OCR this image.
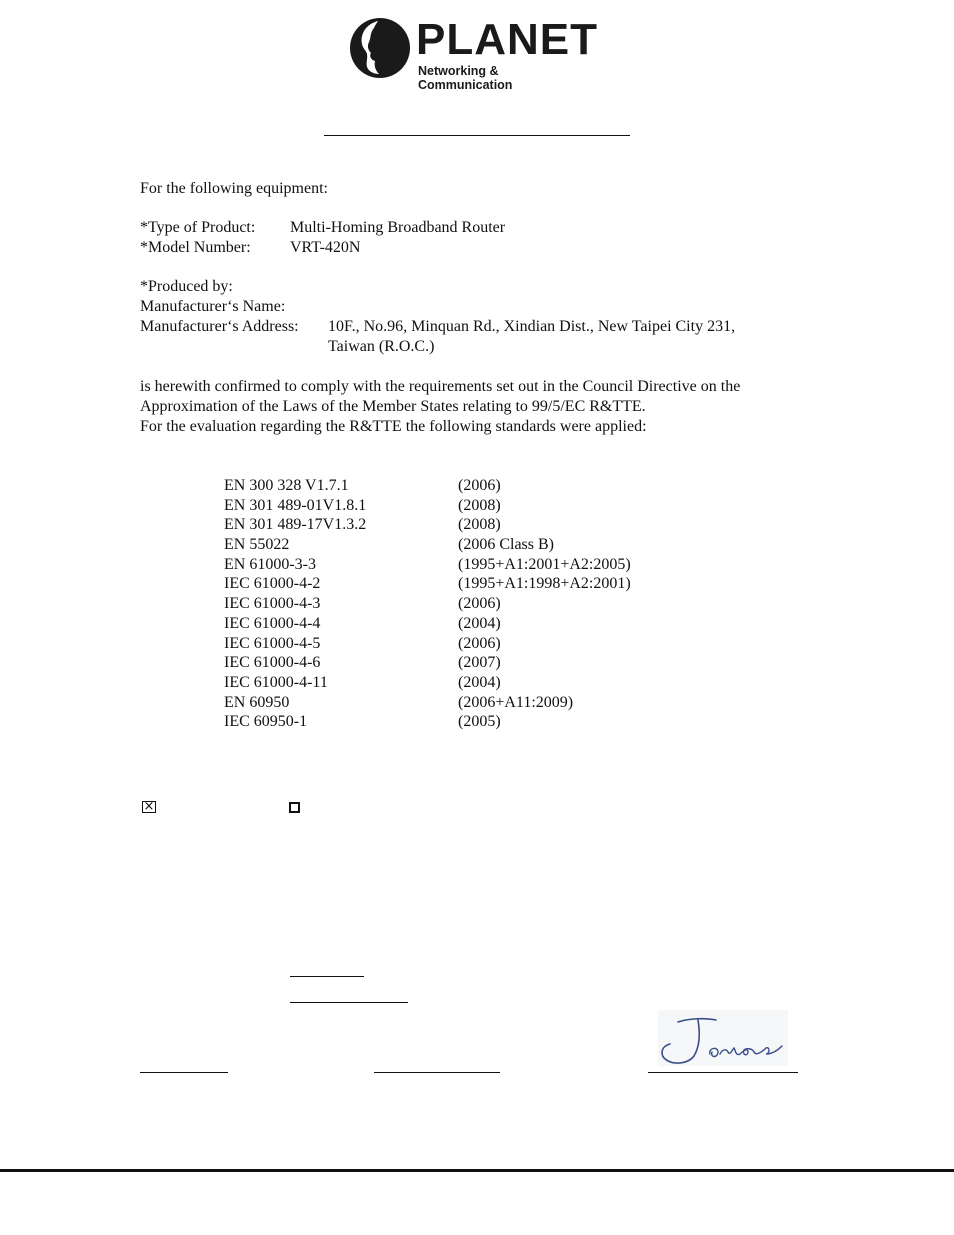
PLANET
Networking & Communication
For the following equipment:
*Type of Product: Multi-Homing Broadband Router
*Model Number: VRT-420N
*Produced by:
Manufacturer‘s Name:
Manufacturer‘s Address: 10F., No.96, Minquan Rd., Xindian Dist., New Taipei City 231,
Taiwan (R.O.C.)
is herewith confirmed to comply with the requirements set out in the Council Directive on the
Approximation of the Laws of the Member States relating to 99/5/EC R&TTE.
For the evaluation regarding the R&TTE the following standards were applied:
EN 300 328 V1.7.1	(2006)
EN 301 489-01V1.8.1	(2008)
EN 301 489-17V1.3.2	(2008)
EN 55022	(2006 Class B)
EN 61000-3-3	(1995+A1:2001+A2:2005)
IEC 61000-4-2	(1995+A1:1998+A2:2001)
IEC 61000-4-3	(2006)
IEC 61000-4-4	(2004)
IEC 61000-4-5	(2006)
IEC 61000-4-6	(2007)
IEC 61000-4-11	(2004)
EN 60950	(2006+A11:2009)
IEC 60950-1	(2005)
×
